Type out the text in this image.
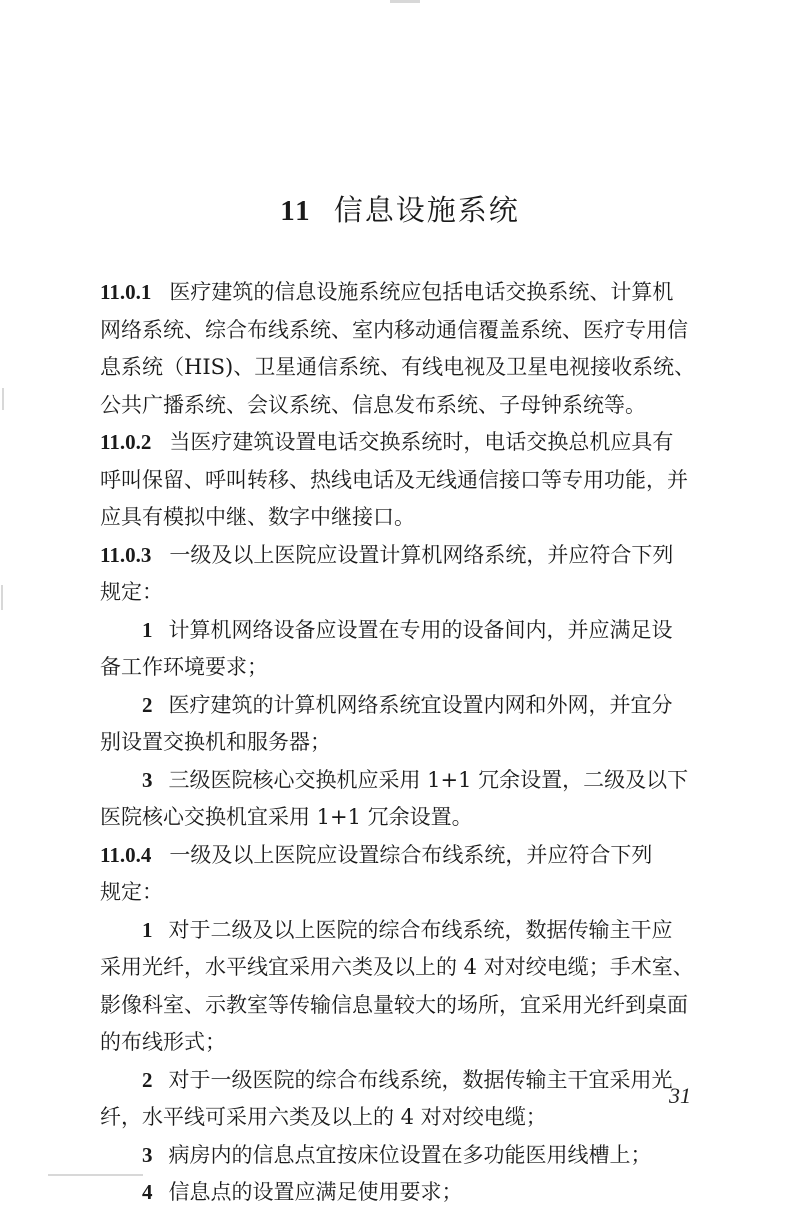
11 信息设施系统
11.0.1 医疗建筑的信息设施系统应包括电话交换系统、计算机
网络系统、综合布线系统、室内移动通信覆盖系统、医疗专用信
息系统（HIS)、卫星通信系统、有线电视及卫星电视接收系统、
公共广播系统、会议系统、信息发布系统、子母钟系统等。
11.0.2 当医疗建筑设置电话交换系统时，电话交换总机应具有
呼叫保留、呼叫转移、热线电话及无线通信接口等专用功能，并
应具有模拟中继、数字中继接口。
11.0.3 一级及以上医院应设置计算机网络系统，并应符合下列
规定：
1 计算机网络设备应设置在专用的设备间内，并应满足设
备工作环境要求；
2 医疗建筑的计算机网络系统宜设置内网和外网，并宜分
别设置交换机和服务器；
3 三级医院核心交换机应采用 1+1 冗余设置，二级及以下
医院核心交换机宜采用 1+1 冗余设置。
11.0.4 一级及以上医院应设置综合布线系统，并应符合下列
规定：
1 对于二级及以上医院的综合布线系统，数据传输主干应
采用光纤，水平线宜采用六类及以上的 4 对对绞电缆；手术室、
影像科室、示教室等传输信息量较大的场所，宜采用光纤到桌面
的布线形式；
2 对于一级医院的综合布线系统，数据传输主干宜采用光
纤，水平线可采用六类及以上的 4 对对绞电缆；
3 病房内的信息点宜按床位设置在多功能医用线槽上；
4 信息点的设置应满足使用要求；
31
